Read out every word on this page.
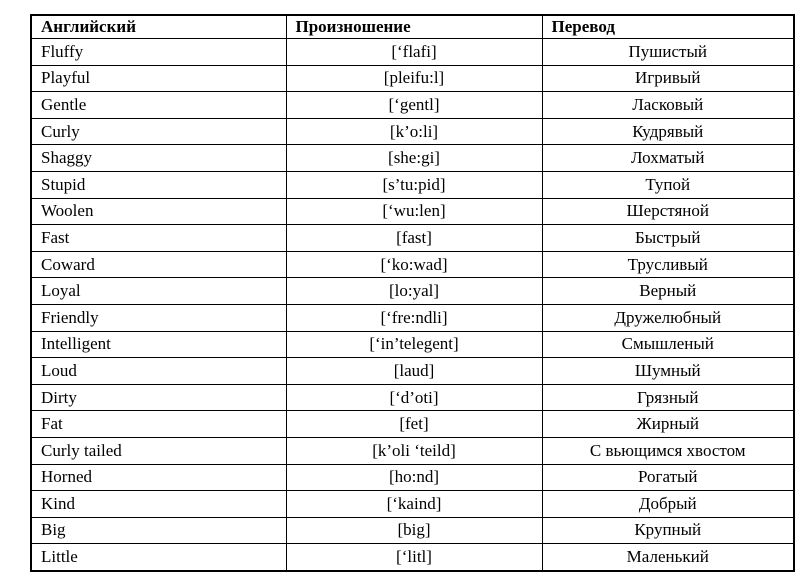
Английский	Произношение	Перевод
Fluffy	[‘flafi]	Пушистый
Playful	[pleifu:l]	Игривый
Gentle	[‘gentl]	Ласковый
Curly	[k’o:li]	Кудрявый
Shaggy	[she:gi]	Лохматый
Stupid	[s’tu:pid]	Тупой
Woolen	[‘wu:len]	Шерстяной
Fast	[fast]	Быстрый
Coward	[‘ko:wad]	Трусливый
Loyal	[lo:yal]	Верный
Friendly	[‘fre:ndli]	Дружелюбный
Intelligent	[‘in’telegent]	Смышленый
Loud	[laud]	Шумный
Dirty	[‘d’oti]	Грязный
Fat	[fet]	Жирный
Curly tailed	[k’oli ‘teild]	С вьющимся хвостом
Horned	[ho:nd]	Рогатый
Kind	[‘kaind]	Добрый
Big	[big]	Крупный
Little	[‘litl]	Маленький
